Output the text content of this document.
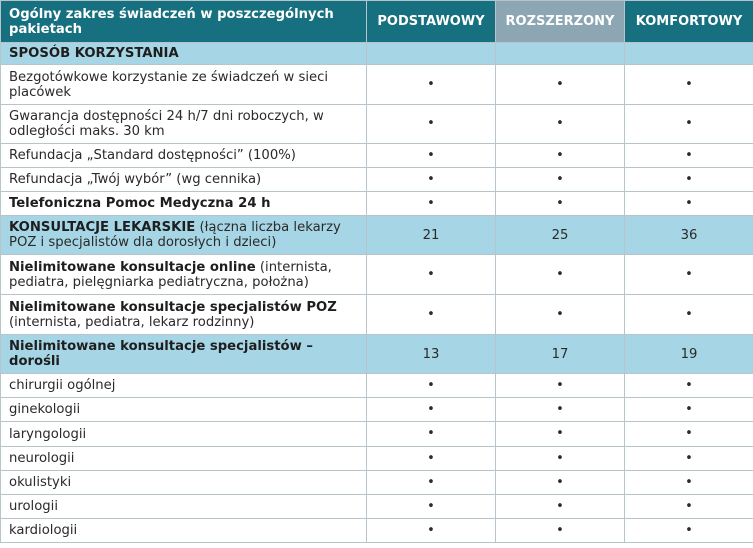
Ogólny zakres świadczeń w poszczególnych pakietach	PODSTAWOWY	ROZSZERZONY	KOMFORTOWY
SPOSÓB KORZYSTANIA			
Bezgotówkowe korzystanie ze świadczeń w sieci placówek	•	•	•
Gwarancja dostępności 24 h/7 dni roboczych, w odległości maks. 30 km	•	•	•
Refundacja „Standard dostępności” (100%)	•	•	•
Refundacja „Twój wybór” (wg cennika)	•	•	•
Telefoniczna Pomoc Medyczna 24 h	•	•	•
KONSULTACJE LEKARSKIE (łączna liczba lekarzy POZ i specjalistów dla dorosłych i dzieci)	21	25	36
Nielimitowane konsultacje online (internista, pediatra, pielęgniarka pediatryczna, położna)	•	•	•
Nielimitowane konsultacje specjalistów POZ (internista, pediatra, lekarz rodzinny)	•	•	•
Nielimitowane konsultacje specjalistów – dorośli	13	17	19
chirurgii ogólnej	•	•	•
ginekologii	•	•	•
laryngologii	•	•	•
neurologii	•	•	•
okulistyki	•	•	•
urologii	•	•	•
kardiologii	•	•	•
